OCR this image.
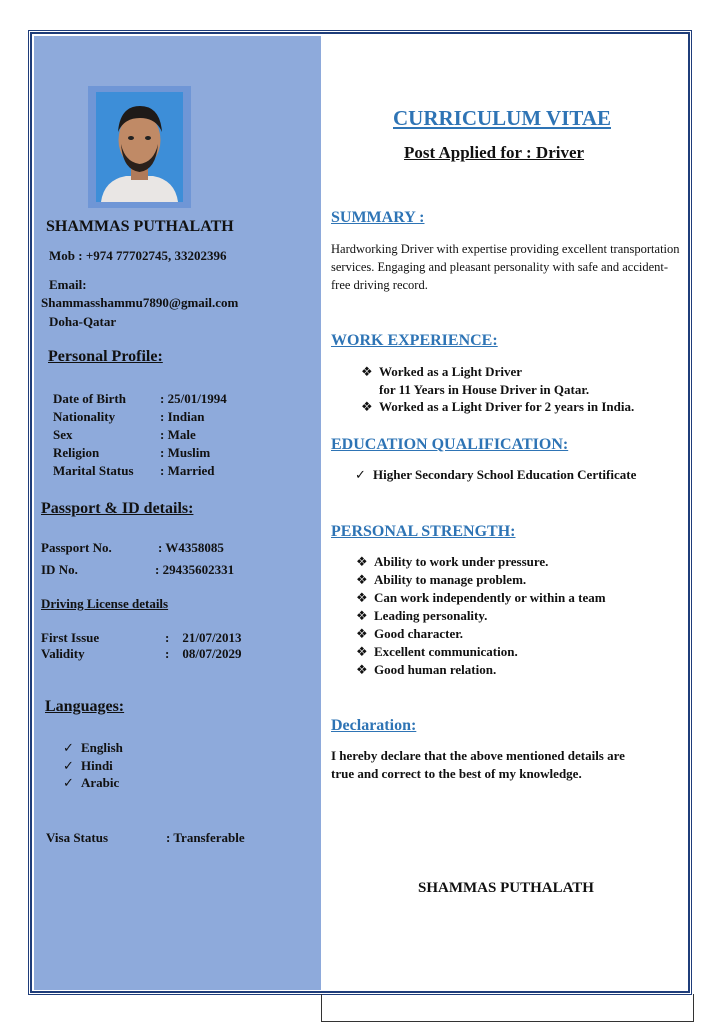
SHAMMAS PUTHALATH
Mob : +974 77702745, 33202396
Email:
Shammasshammu7890@gmail.com
Doha-Qatar
Personal Profile:
Date of Birth	: 25/01/1994
Nationality	: Indian
Sex	: Male
Religion	: Muslim
Marital Status : Married
Passport & ID details:
Passport No.	: W4358085
ID No.	: 29435602331
Driving License details
First Issue	:    21/07/2013
Validity	:    08/07/2029
Languages:
✓ English
✓ Hindi
✓ Arabic
Visa Status	: Transferable
CURRICULUM VITAE
Post Applied for : Driver
SUMMARY :
Hardworking Driver with expertise providing excellent transportation services. Engaging and pleasant personality with safe and accident-free driving record.
WORK EXPERIENCE:
❖ Worked as a Light Driver
for 11 Years in House Driver in Qatar.
❖ Worked as a Light Driver for 2 years in India.
EDUCATION QUALIFICATION:
✓ Higher Secondary School Education Certificate
PERSONAL STRENGTH:
❖ Ability to work under pressure.
❖ Ability to manage problem.
❖ Can work independently or within a team
❖ Leading personality.
❖ Good character.
❖ Excellent communication.
❖ Good human relation.
Declaration:
I hereby declare that the above mentioned details are
true and correct to the best of my knowledge.
SHAMMAS PUTHALATH
